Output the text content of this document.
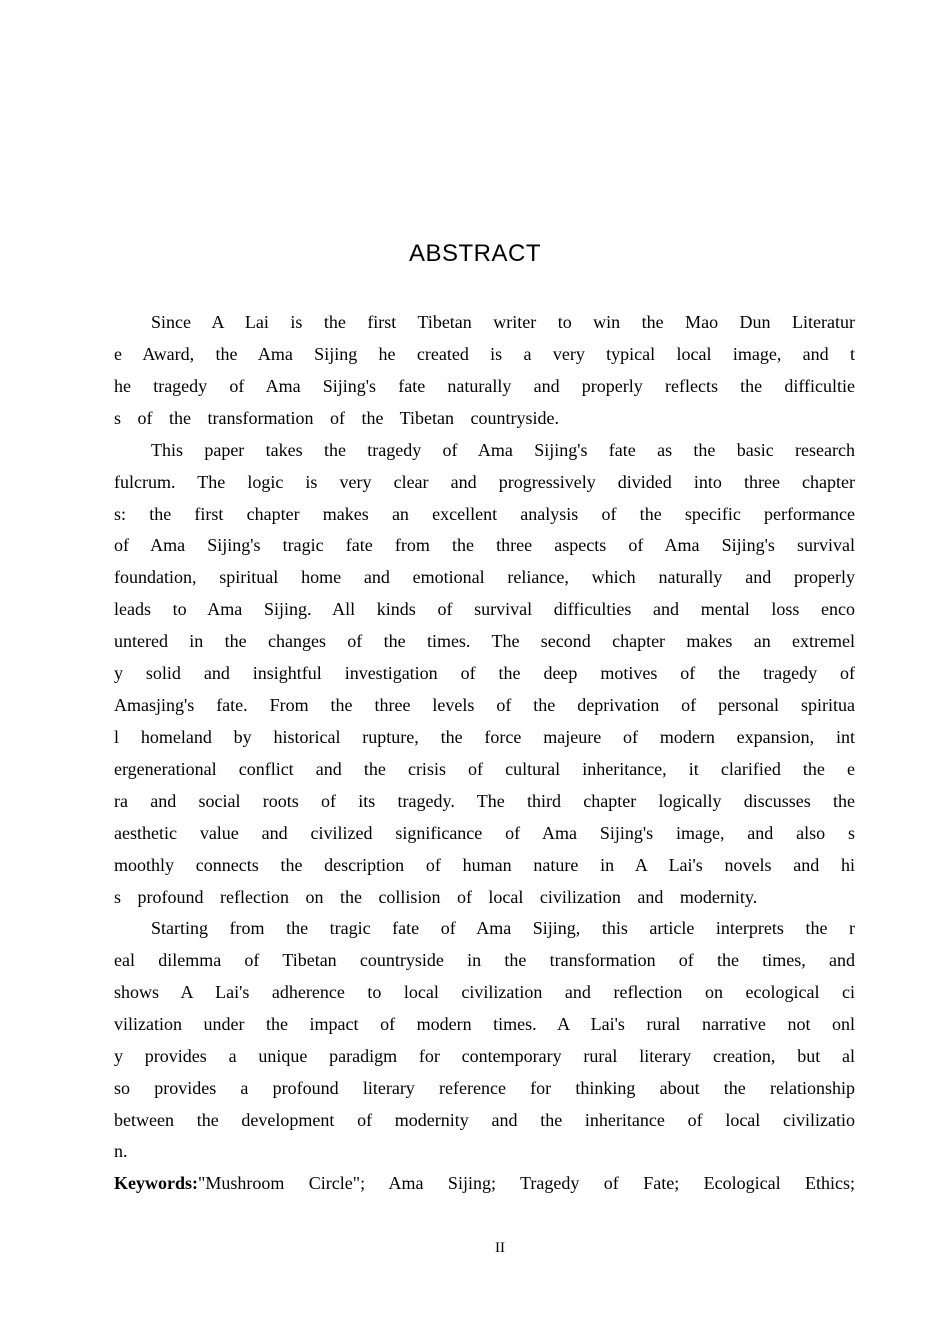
ABSTRACT
Since A Lai is the first Tibetan writer to win the Mao Dun Literatur
e Award, the Ama Sijing he created is a very typical local image, and t
he tragedy of Ama Sijing's fate naturally and properly reflects the difficultie
s of the transformation of the Tibetan countryside.
This paper takes the tragedy of Ama Sijing's fate as the basic research
fulcrum. The logic is very clear and progressively divided into three chapter
s: the first chapter makes an excellent analysis of the specific performance
of Ama Sijing's tragic fate from the three aspects of Ama Sijing's survival
foundation, spiritual home and emotional reliance, which naturally and properly
leads to Ama Sijing. All kinds of survival difficulties and mental loss enco
untered in the changes of the times. The second chapter makes an extremel
y solid and insightful investigation of the deep motives of the tragedy of
Amasjing's fate. From the three levels of the deprivation of personal spiritua
l homeland by historical rupture, the force majeure of modern expansion, int
ergenerational conflict and the crisis of cultural inheritance, it clarified the e
ra and social roots of its tragedy. The third chapter logically discusses the
aesthetic value and civilized significance of Ama Sijing's image, and also s
moothly connects the description of human nature in A Lai's novels and hi
s profound reflection on the collision of local civilization and modernity.
Starting from the tragic fate of Ama Sijing, this article interprets the r
eal dilemma of Tibetan countryside in the transformation of the times, and
shows A Lai's adherence to local civilization and reflection on ecological ci
vilization under the impact of modern times. A Lai's rural narrative not onl
y provides a unique paradigm for contemporary rural literary creation, but al
so provides a profound literary reference for thinking about the relationship
between the development of modernity and the inheritance of local civilizatio
n.
Keywords:"Mushroom Circle"; Ama Sijing; Tragedy of Fate; Ecological Ethics;
II
